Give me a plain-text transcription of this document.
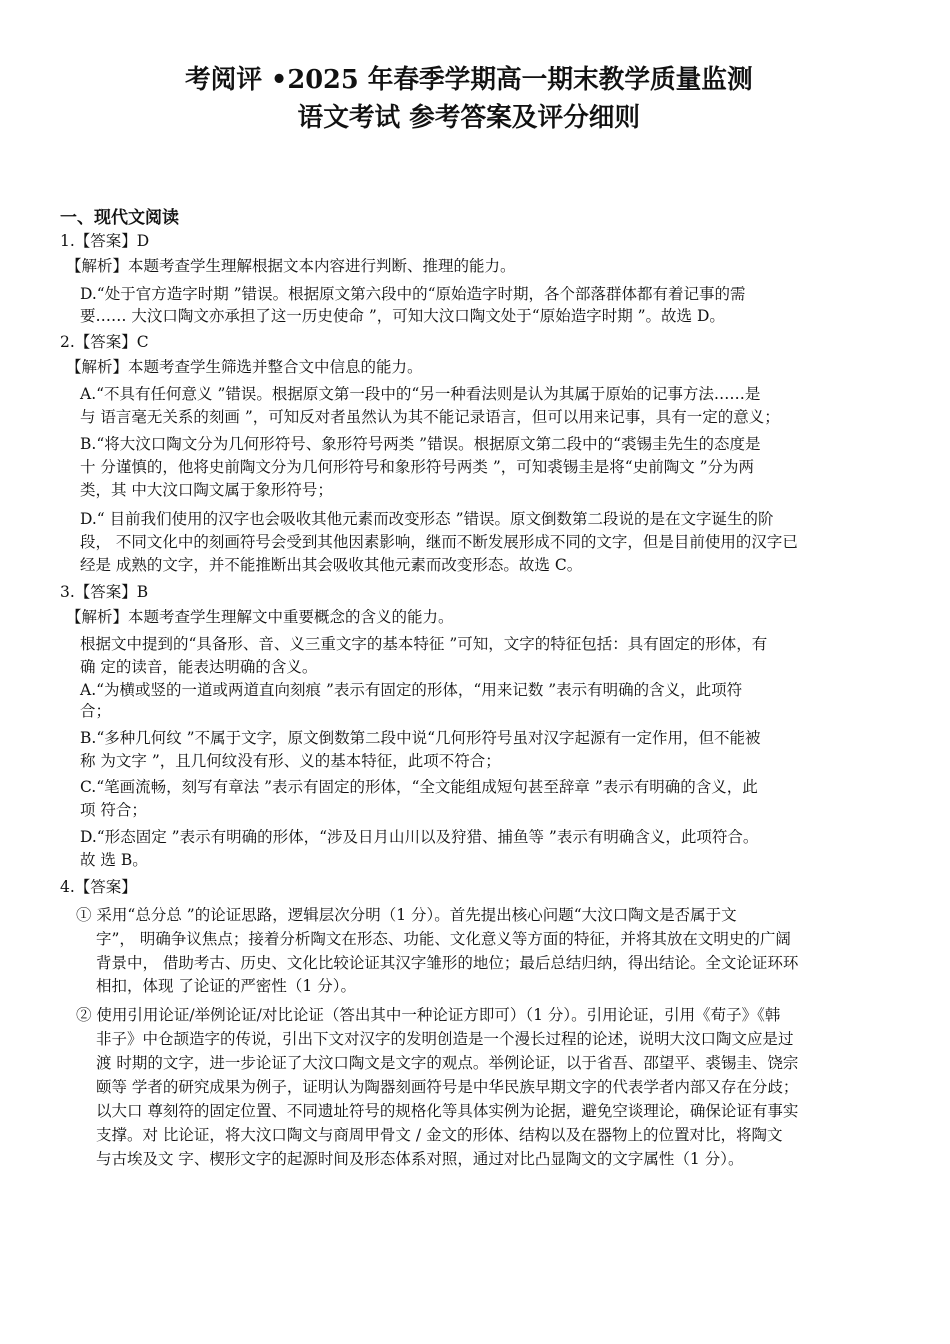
考阅评 •2025 年春季学期高一期末教学质量监测
语文考试 参考答案及评分细则
一、现代文阅读
1.【答案】D
【解析】本题考查学生理解根据文本内容进行判断、推理的能力。
D.“处于官方造字时期 ”错误。根据原文第六段中的“原始造字时期，各个部落群体都有着记事的需
要…… 大汶口陶文亦承担了这一历史使命 ”，可知大汶口陶文处于“原始造字时期 ”。故选 D。
2.【答案】C
【解析】本题考查学生筛选并整合文中信息的能力。
A.“不具有任何意义 ”错误。根据原文第一段中的“另一种看法则是认为其属于原始的记事方法……是
与 语言毫无关系的刻画 ”，可知反对者虽然认为其不能记录语言，但可以用来记事，具有一定的意义；
B.“将大汶口陶文分为几何形符号、象形符号两类 ”错误。根据原文第二段中的“裘锡圭先生的态度是
十 分谨慎的，他将史前陶文分为几何形符号和象形符号两类 ”，可知裘锡圭是将“史前陶文 ”分为两
类，其 中大汶口陶文属于象形符号；
D.“ 目前我们使用的汉字也会吸收其他元素而改变形态 ”错误。原文倒数第二段说的是在文字诞生的阶
段， 不同文化中的刻画符号会受到其他因素影响，继而不断发展形成不同的文字，但是目前使用的汉字已
经是 成熟的文字，并不能推断出其会吸收其他元素而改变形态。故选 C。
3.【答案】B
【解析】本题考查学生理解文中重要概念的含义的能力。
根据文中提到的“具备形、音、义三重文字的基本特征 ”可知，文字的特征包括：具有固定的形体，有
确 定的读音，能表达明确的含义。
A.“为横或竖的一道或两道直向刻痕 ”表示有固定的形体，“用来记数 ”表示有明确的含义，此项符
合；
B.“多种几何纹 ”不属于文字，原文倒数第二段中说“几何形符号虽对汉字起源有一定作用，但不能被
称 为文字 ”，且几何纹没有形、义的基本特征，此项不符合；
C.“笔画流畅，刻写有章法 ”表示有固定的形体，“全文能组成短句甚至辞章 ”表示有明确的含义，此
项 符合；
D.“形态固定 ”表示有明确的形体，“涉及日月山川以及狩猎、捕鱼等 ”表示有明确含义，此项符合。
故 选 B。
4.【答案】
① 采用“总分总 ”的论证思路，逻辑层次分明（1 分）。首先提出核心问题“大汶口陶文是否属于文
字”， 明确争议焦点；接着分析陶文在形态、功能、文化意义等方面的特征，并将其放在文明史的广阔
背景中， 借助考古、历史、文化比较论证其汉字雏形的地位；最后总结归纳，得出结论。全文论证环环
相扣，体现 了论证的严密性（1 分）。
② 使用引用论证/举例论证/对比论证（答出其中一种论证方即可）（1 分）。引用论证，引用《荀子》《韩
非子》中仓颉造字的传说，引出下文对汉字的发明创造是一个漫长过程的论述，说明大汶口陶文应是过
渡 时期的文字，进一步论证了大汶口陶文是文字的观点。举例论证，以于省吾、邵望平、裘锡圭、饶宗
颐等 学者的研究成果为例子，证明认为陶器刻画符号是中华民族早期文字的代表学者内部又存在分歧；
以大口 尊刻符的固定位置、不同遗址符号的规格化等具体实例为论据，避免空谈理论，确保论证有事实
支撑。对 比论证，将大汶口陶文与商周甲骨文 / 金文的形体、结构以及在器物上的位置对比，将陶文
与古埃及文 字、楔形文字的起源时间及形态体系对照，通过对比凸显陶文的文字属性（1 分）。
